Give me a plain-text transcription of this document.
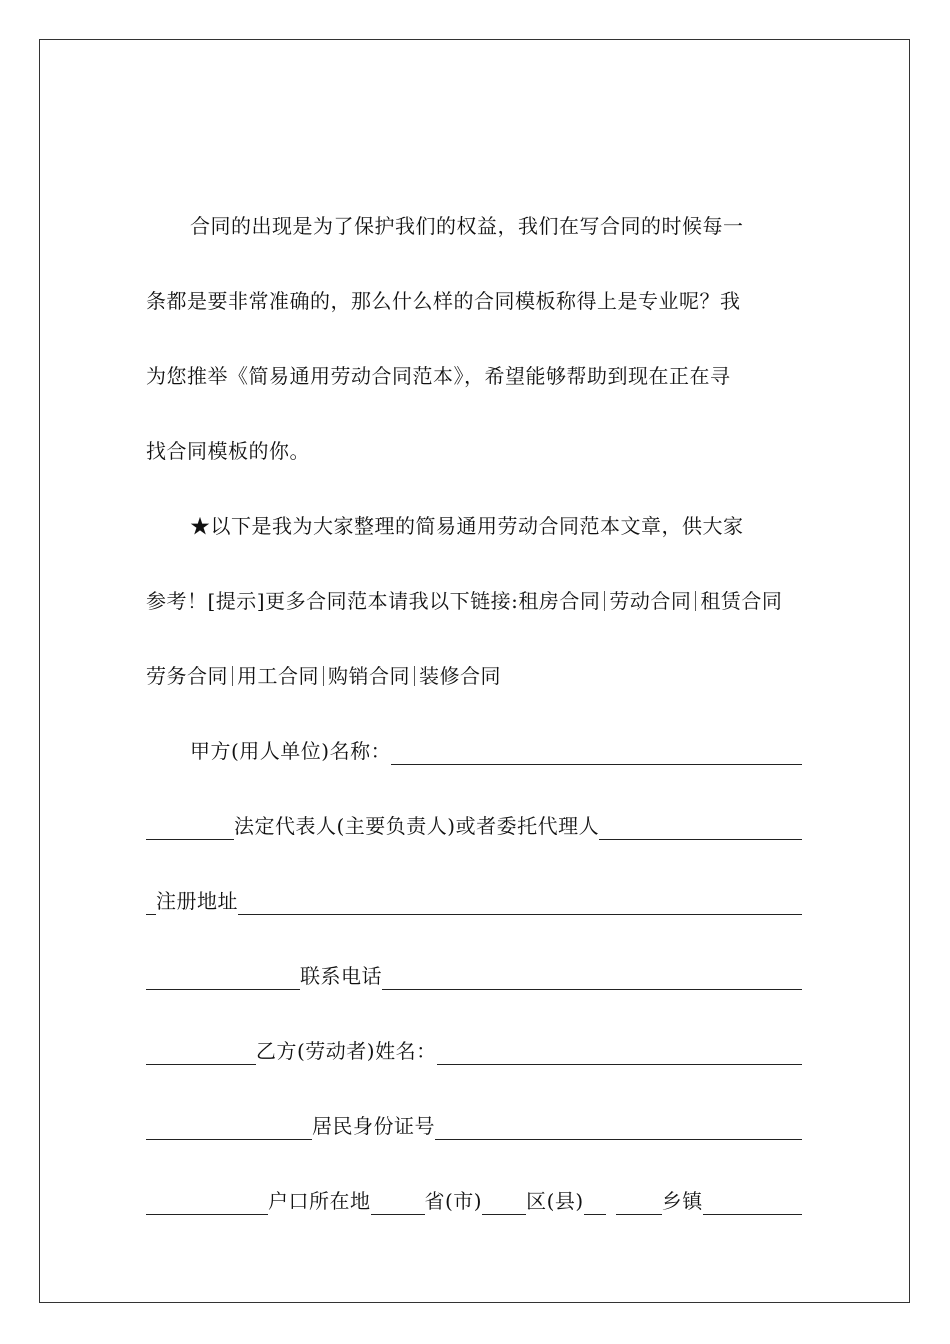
合同的出现是为了保护我们的权益，我们在写合同的时候每一
条都是要非常准确的，那么什么样的合同模板称得上是专业呢？我
为您推举《简易通用劳动合同范本》，希望能够帮助到现在正在寻
找合同模板的你。
★以下是我为大家整理的简易通用劳动合同范本文章，供大家
参考！[提示]更多合同范本请我以下链接:租房合同 劳动合同 租赁合同
劳务合同 用工合同 购销合同 装修合同
甲方(用人单位)名称：
法定代表人(主要负责人)或者委托代理人
注册地址
联系电话
乙方(劳动者)姓名：
居民身份证号
户口所在地	省(市) 区(县)	乡镇
